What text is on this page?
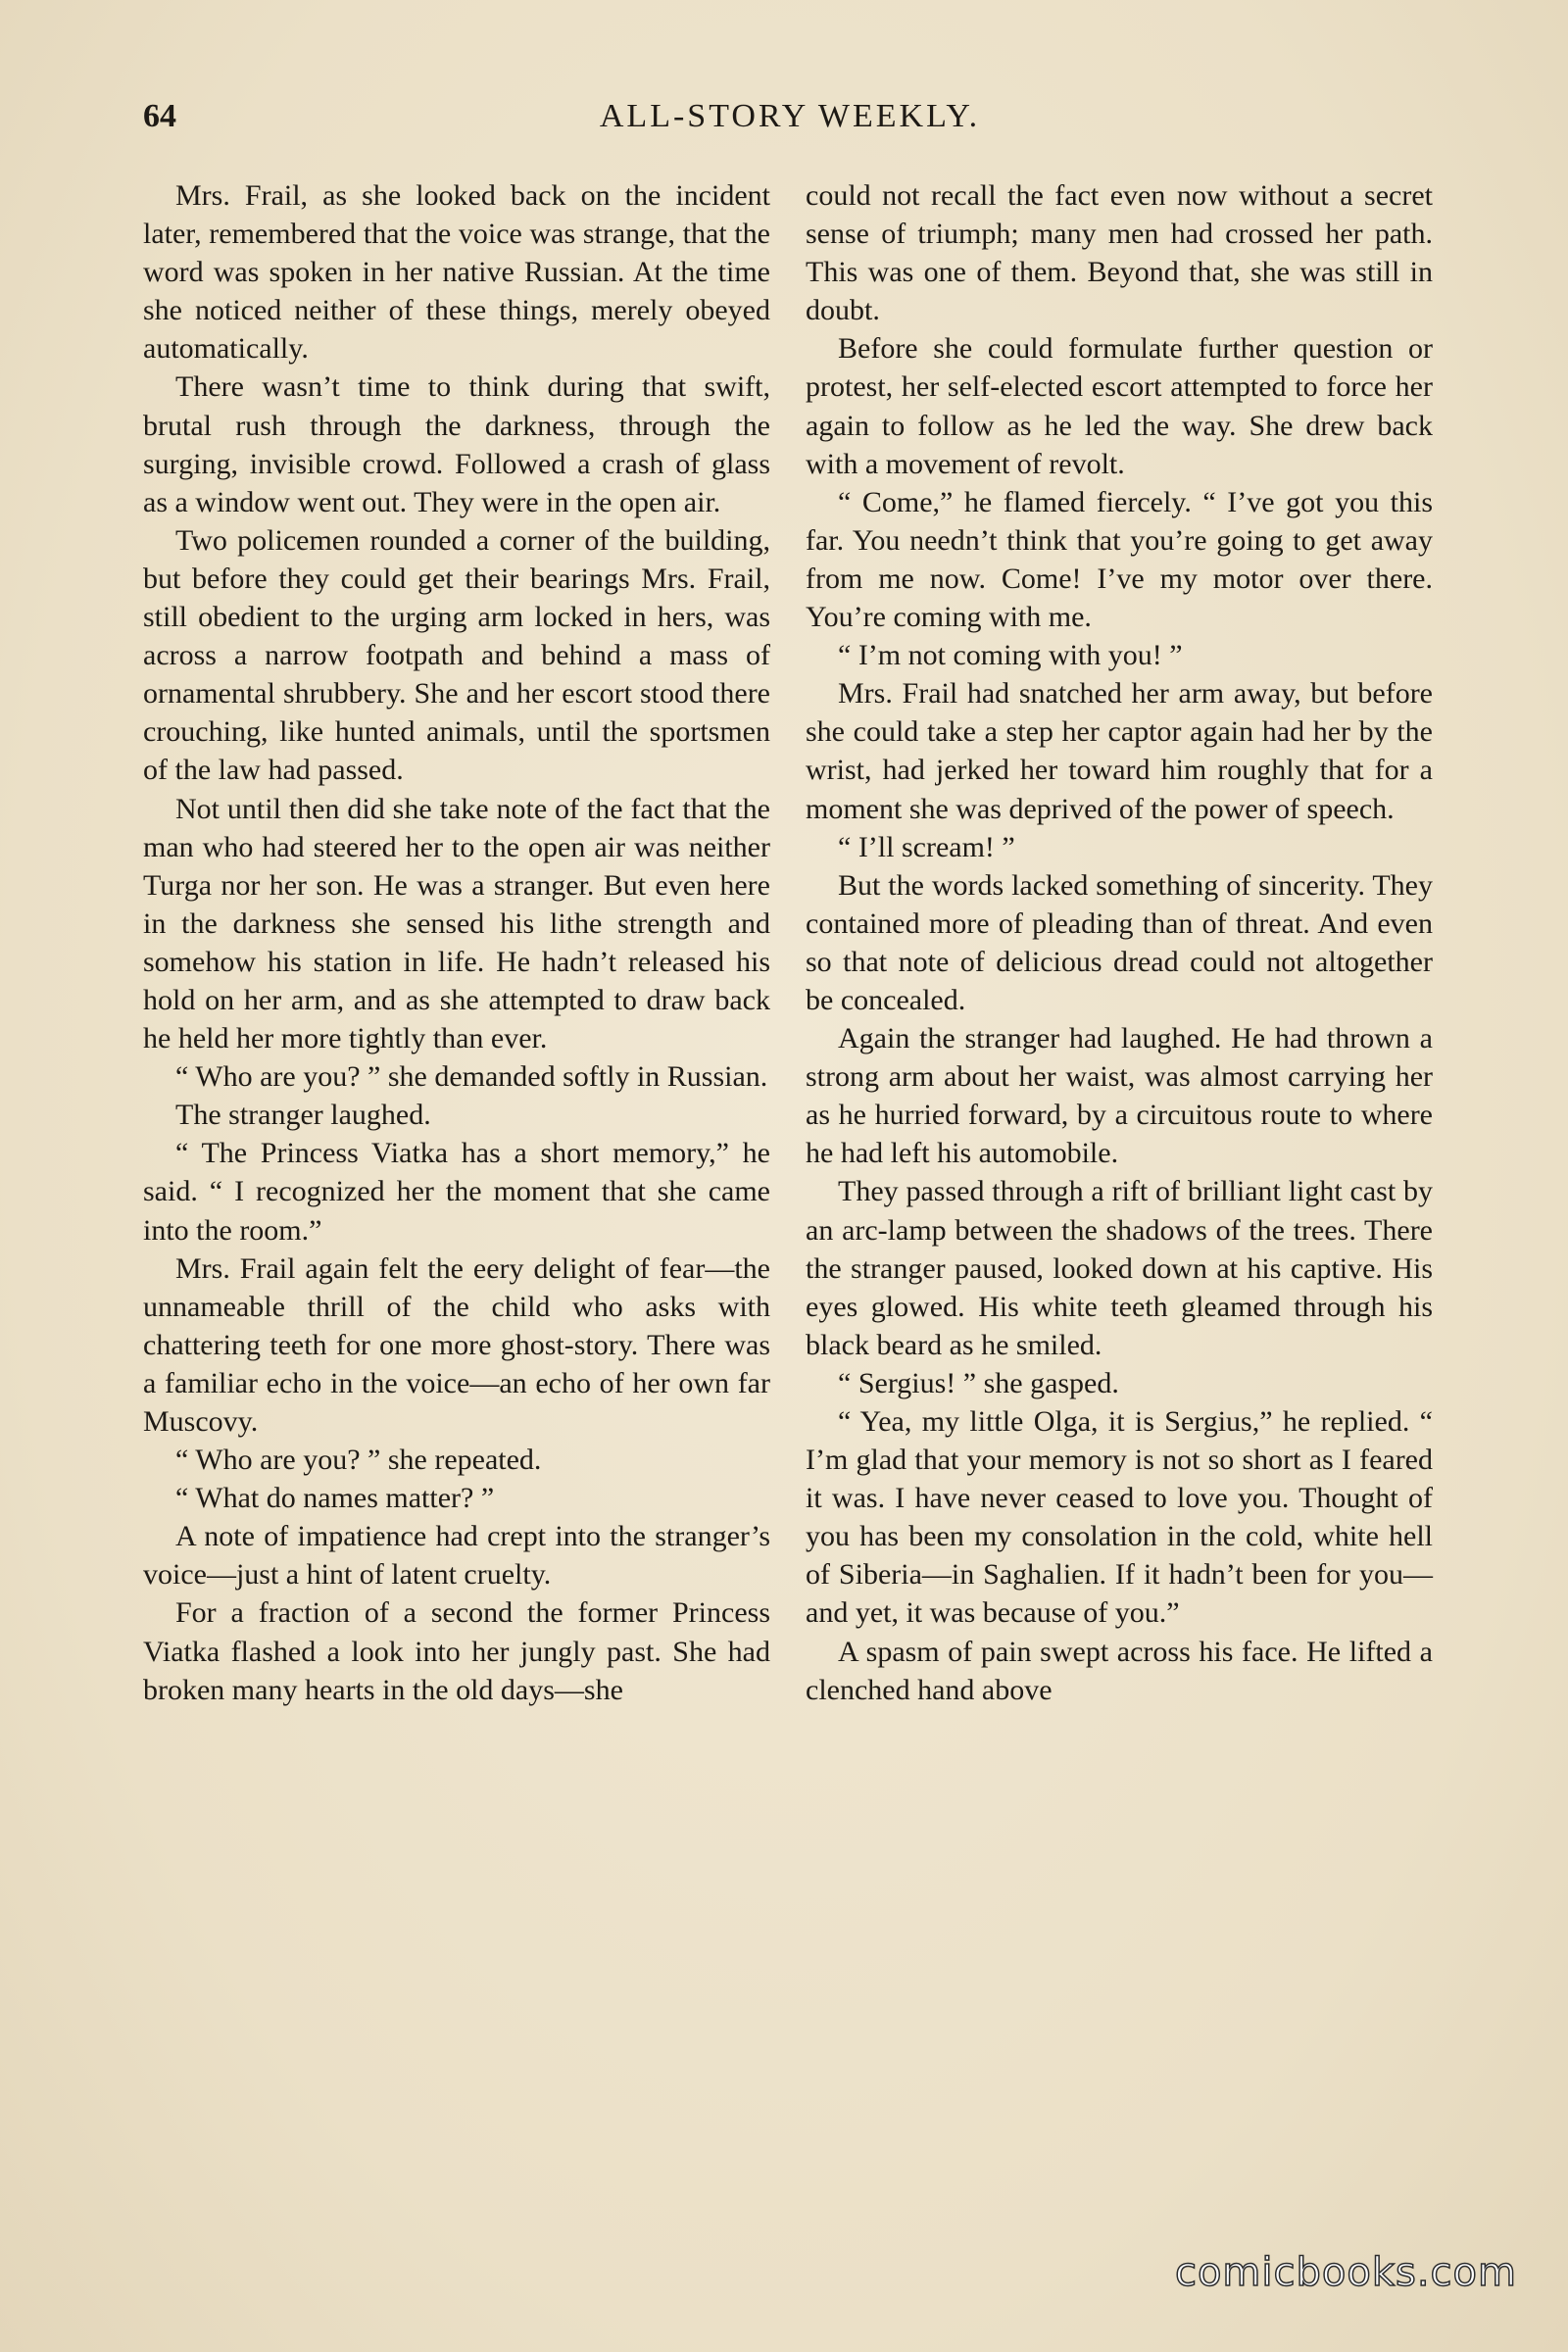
64	ALL-STORY WEEKLY.

Mrs. Frail, as she looked back on the incident later, remembered that the voice was strange, that the word was spoken in her native Russian. At the time she noticed neither of these things, merely obeyed automatically.

There wasn’t time to think during that swift, brutal rush through the darkness, through the surging, invisible crowd. Followed a crash of glass as a window went out. They were in the open air.

Two policemen rounded a corner of the building, but before they could get their bearings Mrs. Frail, still obedient to the urging arm locked in hers, was across a narrow footpath and behind a mass of ornamental shrubbery. She and her escort stood there crouching, like hunted animals, until the sportsmen of the law had passed.

Not until then did she take note of the fact that the man who had steered her to the open air was neither Turga nor her son. He was a stranger. But even here in the darkness she sensed his lithe strength and somehow his station in life. He hadn’t released his hold on her arm, and as she attempted to draw back he held her more tightly than ever.

“ Who are you? ” she demanded softly in Russian.

The stranger laughed.

“ The Princess Viatka has a short memory,” he said. “ I recognized her the moment that she came into the room.”

Mrs. Frail again felt the eery delight of fear—the unnameable thrill of the child who asks with chattering teeth for one more ghost-story. There was a familiar echo in the voice—an echo of her own far Muscovy.

“ Who are you? ” she repeated.

“ What do names matter? ”

A note of impatience had crept into the stranger’s voice—just a hint of latent cruelty.

For a fraction of a second the former Princess Viatka flashed a look into her jungly past. She had broken many hearts in the old days—she

could not recall the fact even now without a secret sense of triumph; many men had crossed her path. This was one of them. Beyond that, she was still in doubt.

Before she could formulate further question or protest, her self-elected escort attempted to force her again to follow as he led the way. She drew back with a movement of revolt.

“ Come,” he flamed fiercely. “ I’ve got you this far. You needn’t think that you’re going to get away from me now. Come! I’ve my motor over there. You’re coming with me.

“ I’m not coming with you! ”

Mrs. Frail had snatched her arm away, but before she could take a step her captor again had her by the wrist, had jerked her toward him roughly that for a moment she was deprived of the power of speech.

“ I’ll scream! ”

But the words lacked something of sincerity. They contained more of pleading than of threat. And even so that note of delicious dread could not altogether be concealed.

Again the stranger had laughed. He had thrown a strong arm about her waist, was almost carrying her as he hurried forward, by a circuitous route to where he had left his automobile.

They passed through a rift of brilliant light cast by an arc-lamp between the shadows of the trees. There the stranger paused, looked down at his captive. His eyes glowed. His white teeth gleamed through his black beard as he smiled.

“ Sergius! ” she gasped.

“ Yea, my little Olga, it is Sergius,” he replied. “ I’m glad that your memory is not so short as I feared it was. I have never ceased to love you. Thought of you has been my consolation in the cold, white hell of Siberia—in Saghalien. If it hadn’t been for you—and yet, it was because of you.”

A spasm of pain swept across his face. He lifted a clenched hand above

comicbooks.com
